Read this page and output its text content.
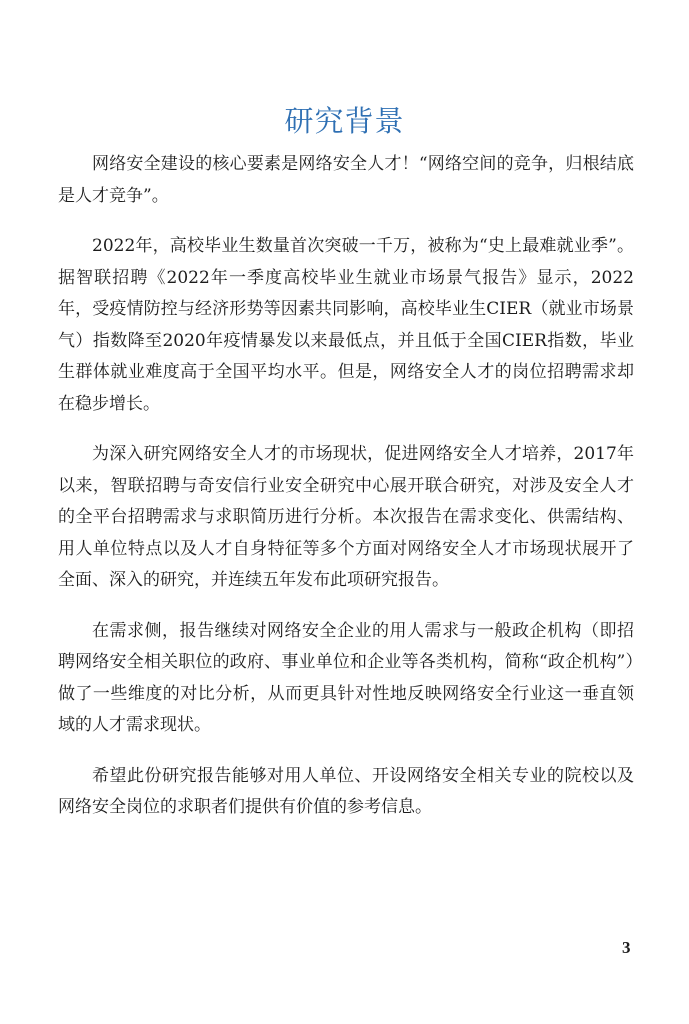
研究背景

网络安全建设的核心要素是网络安全人才！“网络空间的竞争，归根结底是人才竞争”。

2022年，高校毕业生数量首次突破一千万，被称为“史上最难就业季”。据智联招聘《2022年一季度高校毕业生就业市场景气报告》显示，2022年，受疫情防控与经济形势等因素共同影响，高校毕业生CIER（就业市场景气）指数降至2020年疫情暴发以来最低点，并且低于全国CIER指数，毕业生群体就业难度高于全国平均水平。但是，网络安全人才的岗位招聘需求却在稳步增长。

为深入研究网络安全人才的市场现状，促进网络安全人才培养，2017年以来，智联招聘与奇安信行业安全研究中心展开联合研究，对涉及安全人才的全平台招聘需求与求职简历进行分析。本次报告在需求变化、供需结构、用人单位特点以及人才自身特征等多个方面对网络安全人才市场现状展开了全面、深入的研究，并连续五年发布此项研究报告。

在需求侧，报告继续对网络安全企业的用人需求与一般政企机构（即招聘网络安全相关职位的政府、事业单位和企业等各类机构，简称“政企机构”）做了一些维度的对比分析，从而更具针对性地反映网络安全行业这一垂直领域的人才需求现状。

希望此份研究报告能够对用人单位、开设网络安全相关专业的院校以及网络安全岗位的求职者们提供有价值的参考信息。

3
